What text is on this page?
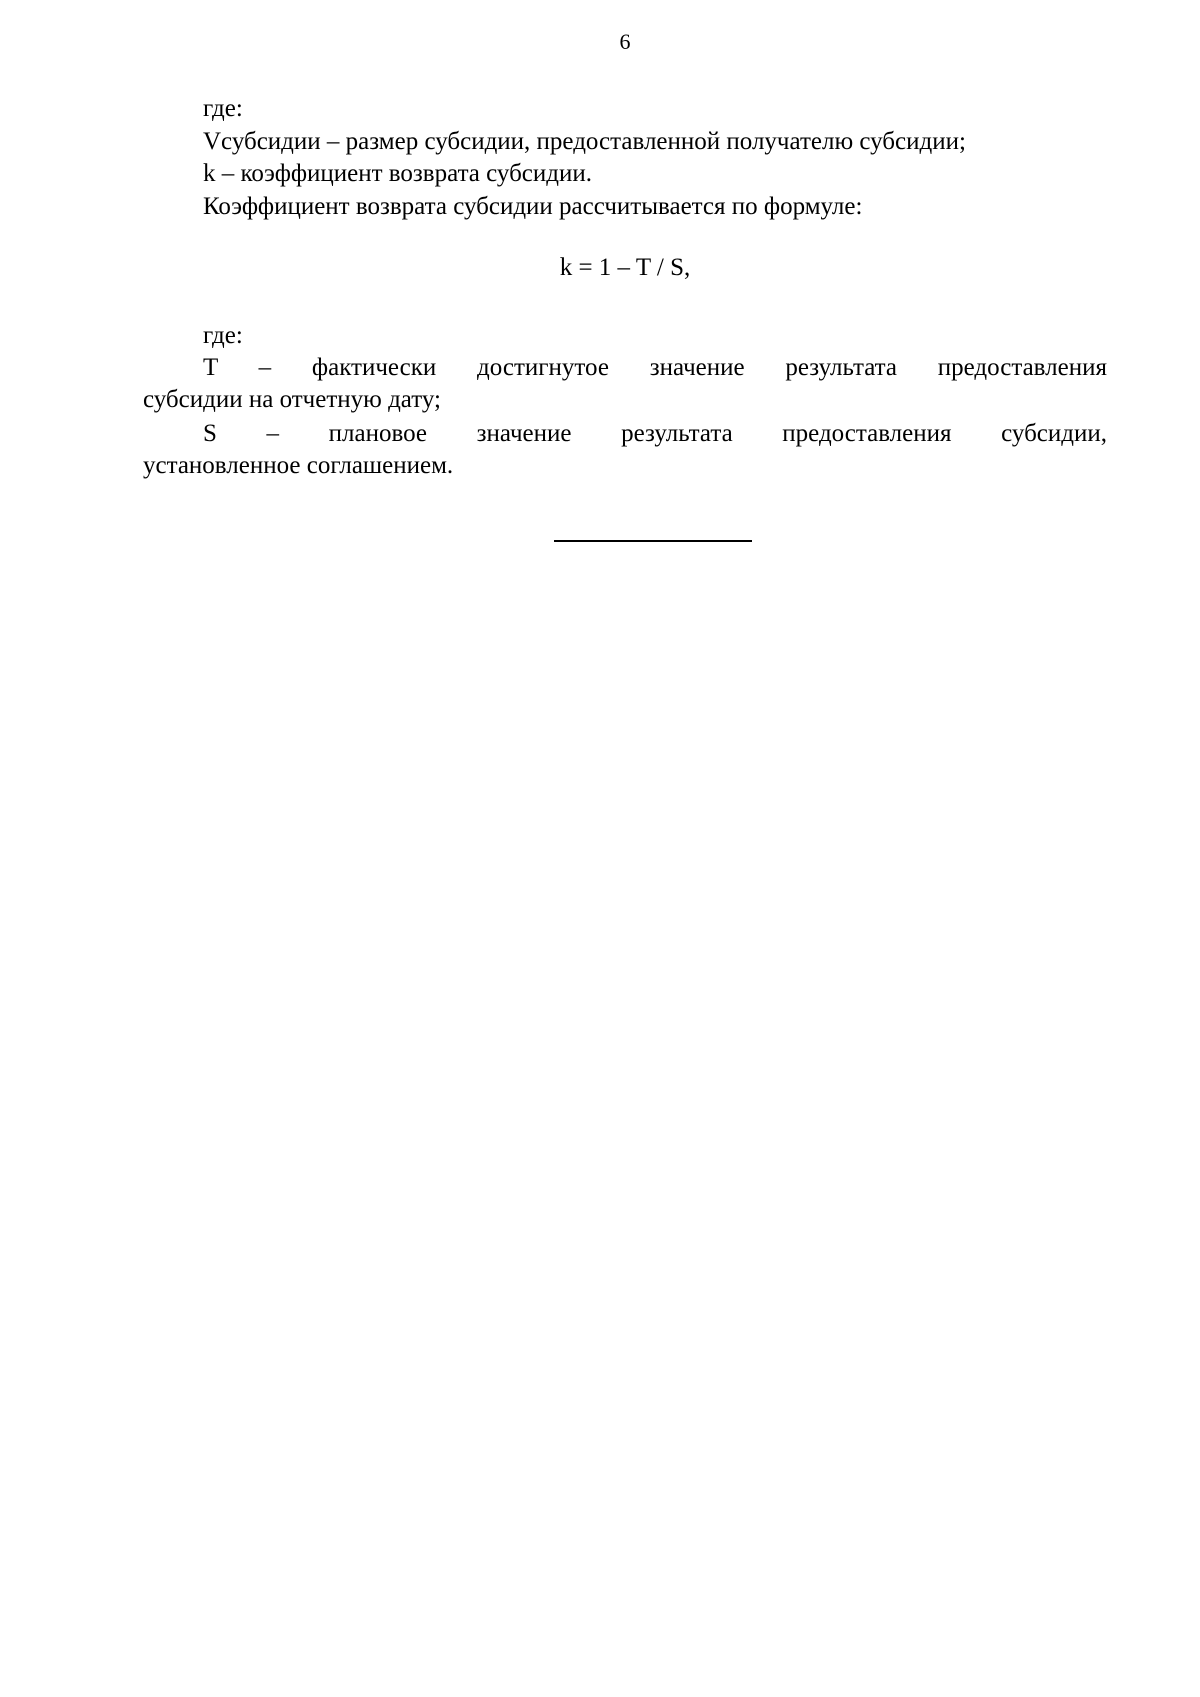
6
где:
Vсубсидии – размер субсидии, предоставленной получателю субсидии;
k – коэффициент возврата субсидии.
Коэффициент возврата субсидии рассчитывается по формуле:
k = 1 – T / S,
где:
T – фактически достигнутое значение результата предоставления
субсидии на отчетную дату;
S – плановое значение результата предоставления субсидии,
установленное соглашением.
